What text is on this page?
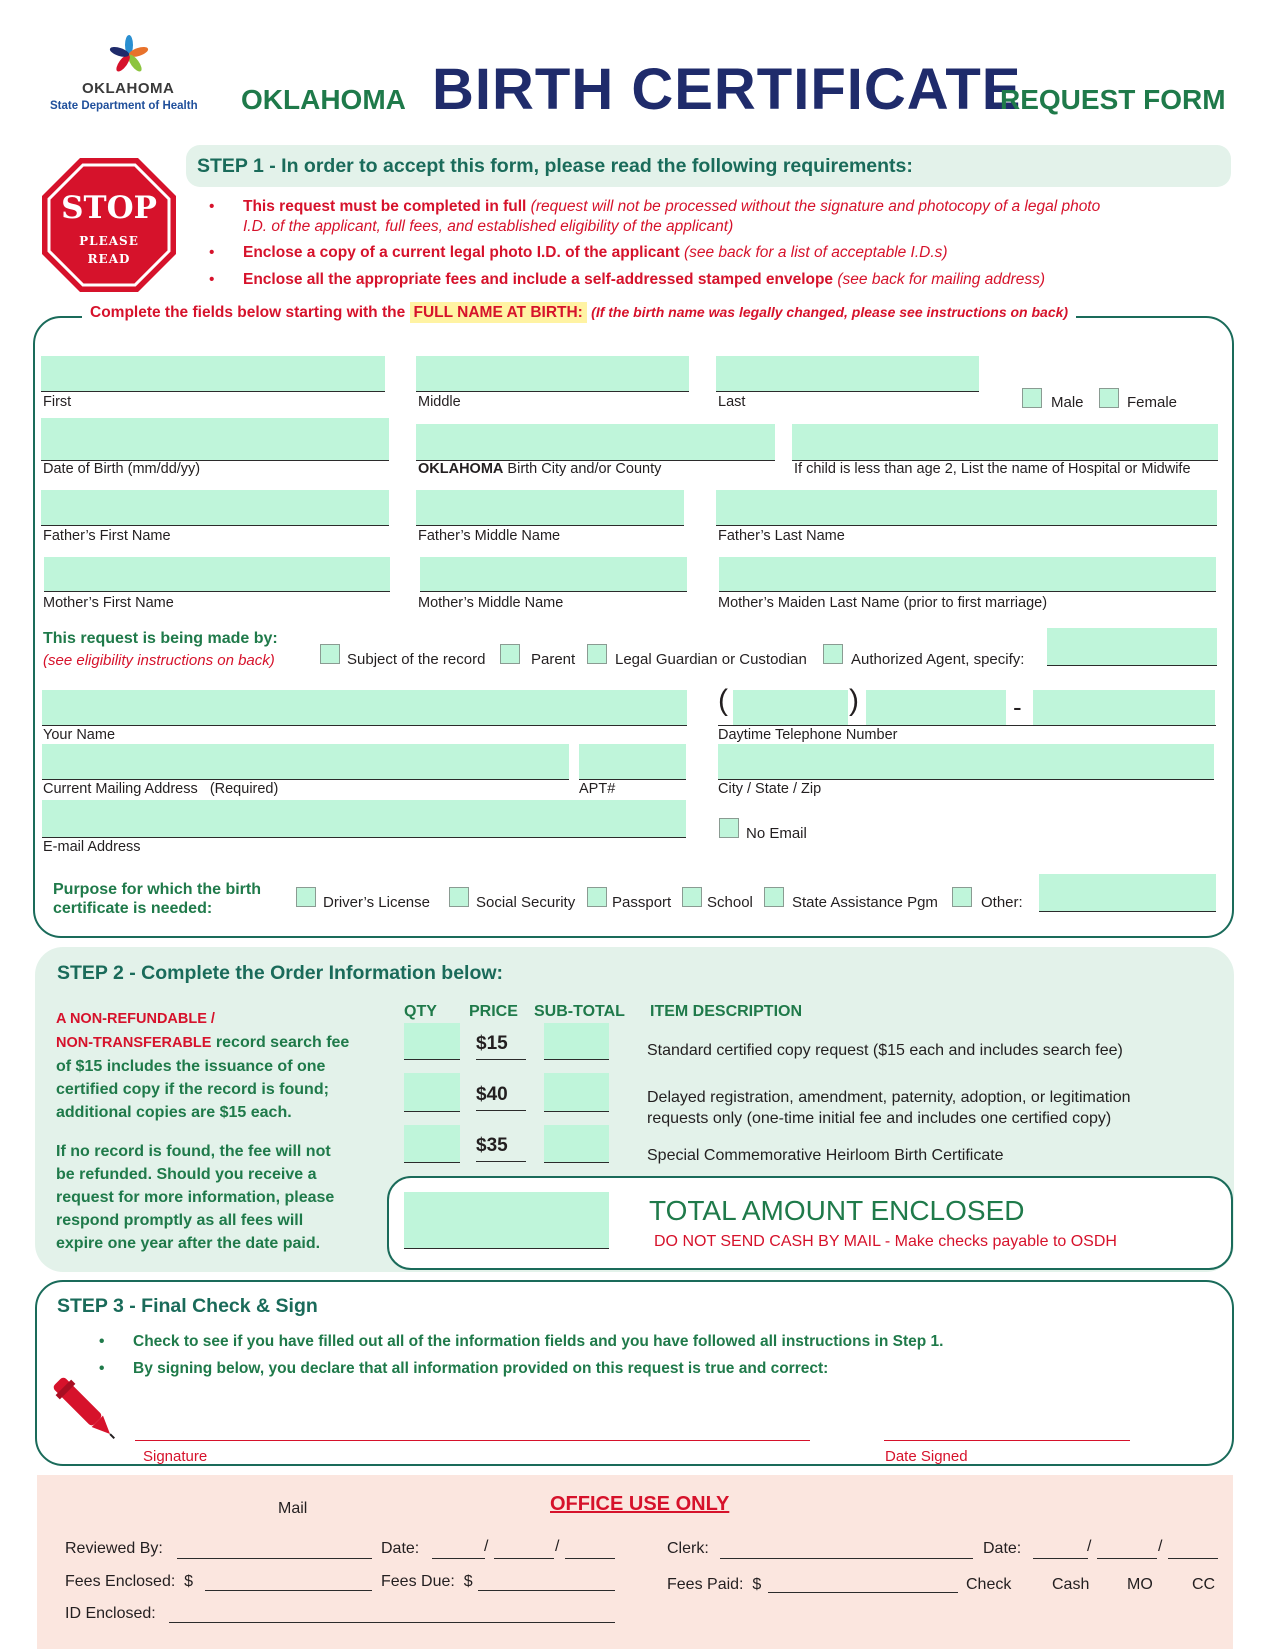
OKLAHOMA
State Department of Health OKLAHOMA BIRTH CERTIFICATE
REQUEST FORM
STEP 1 - In order to accept this form, please read the following requirements:
STOP
PLEASE
READ
• This request must be completed in full (request will not be processed without the signature and photocopy of a legal photo
I.D. of the applicant, full fees, and established eligibility of the applicant)
• Enclose a copy of a current legal photo I.D. of the applicant (see back for a list of acceptable I.D.s)
• Enclose all the appropriate fees and include a self-addressed stamped envelope (see back for mailing address)
Complete the fields below starting with the FULL NAME AT BIRTH: (If the birth name was legally changed, please see instructions on back)
First	Middle	Last	Male	Female
Date of Birth (mm/dd/yy)	OKLAHOMA Birth City and/or County	If child is less than age 2, List the name of Hospital or Midwife
Father’s First Name	Father’s Middle Name	Father’s Last Name
Mother’s First Name	Mother’s Middle Name	Mother’s Maiden Last Name (prior to first marriage)
This request is being made by:
(see eligibility instructions on back)	Subject of the record	Parent	Legal Guardian or Custodian	Authorized Agent, specify:
Your Name
(	)	-
Daytime Telephone Number
Current Mailing Address   (Required)	APT#	City / State / Zip
E-mail Address
No Email
Purpose for which the birth
certificate is needed:	Driver’s License	Social Security Passport School	State Assistance Pgm	Other:
STEP 2 - Complete the Order Information below:
A NON-REFUNDABLE /
NON-TRANSFERABLE record search fee
of $15 includes the issuance of one
certified copy if the record is found;
additional copies are $15 each.
If no record is found, the fee will not
be refunded. Should you receive a
request for more information, please
respond promptly as all fees will
expire one year after the date paid.
QTY PRICE SUB-TOTAL ITEM DESCRIPTION
$15	Standard certified copy request ($15 each and includes search fee)
$40	Delayed registration, amendment, paternity, adoption, or legitimation
requests only (one-time initial fee and includes one certified copy)
$35	Special Commemorative Heirloom Birth Certificate
TOTAL AMOUNT ENCLOSED
DO NOT SEND CASH BY MAIL - Make checks payable to OSDH
STEP 3 - Final Check & Sign
• Check to see if you have filled out all of the information fields and you have followed all instructions in Step 1.
• By signing below, you declare that all information provided on this request is true and correct:
Signature	Date Signed
OFFICE USE ONLY
Mail
Reviewed By:	Date:	/	/	Clerk:	Date:	/	/
Fees Enclosed:  $	Fees Due:  $	Fees Paid:  $	Check	Cash MO CC
ID Enclosed:
